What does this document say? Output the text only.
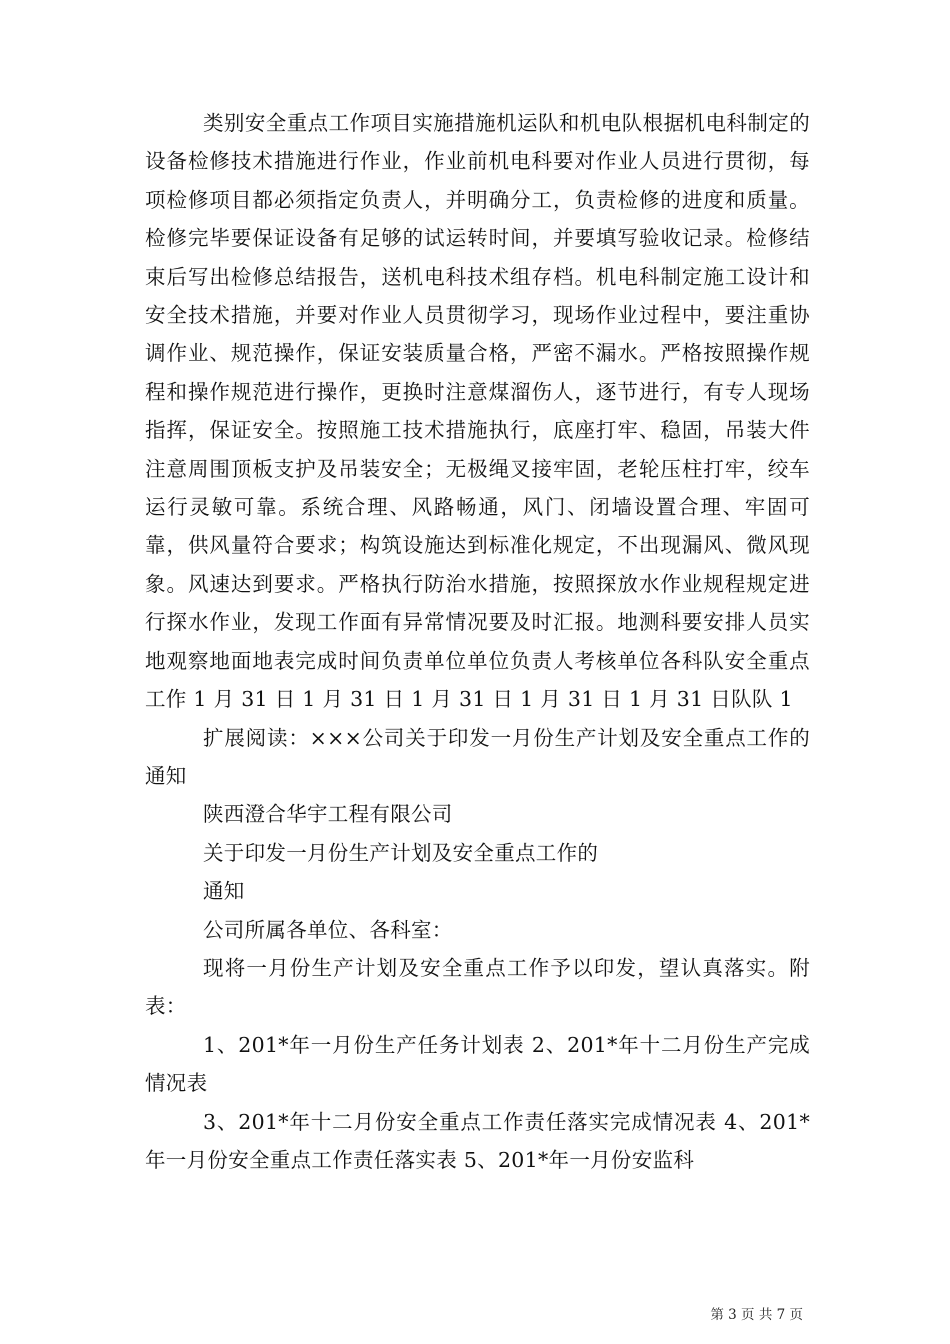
类别安全重点工作项目实施措施机运队和机电队根据机电科制定的设备检修技术措施进行作业，作业前机电科要对作业人员进行贯彻，每项检修项目都必须指定负责人，并明确分工，负责检修的进度和质量。检修完毕要保证设备有足够的试运转时间，并要填写验收记录。检修结束后写出检修总结报告，送机电科技术组存档。机电科制定施工设计和安全技术措施，并要对作业人员贯彻学习，现场作业过程中，要注重协调作业、规范操作，保证安装质量合格，严密不漏水。严格按照操作规程和操作规范进行操作，更换时注意煤溜伤人，逐节进行，有专人现场指挥，保证安全。按照施工技术措施执行，底座打牢、稳固，吊装大件注意周围顶板支护及吊装安全；无极绳叉接牢固，老轮压柱打牢，绞车运行灵敏可靠。系统合理、风路畅通，风门、闭墙设置合理、牢固可靠，供风量符合要求；构筑设施达到标准化规定，不出现漏风、微风现象。风速达到要求。严格执行防治水措施，按照探放水作业规程规定进行探水作业，发现工作面有异常情况要及时汇报。地测科要安排人员实地观察地面地表完成时间负责单位单位负责人考核单位各科队安全重点工作 1 月 31 日 1 月 31 日 1 月 31 日 1 月 31 日 1 月 31 日队队 1

扩展阅读：×××公司关于印发一月份生产计划及安全重点工作的通知

陕西澄合华宇工程有限公司

关于印发一月份生产计划及安全重点工作的

通知

公司所属各单位、各科室：

现将一月份生产计划及安全重点工作予以印发，望认真落实。附表：

1、201*年一月份生产任务计划表 2、201*年十二月份生产完成情况表

3、201*年十二月份安全重点工作责任落实完成情况表 4、201*年一月份安全重点工作责任落实表 5、201*年一月份安监科

第 3 页 共 7 页
